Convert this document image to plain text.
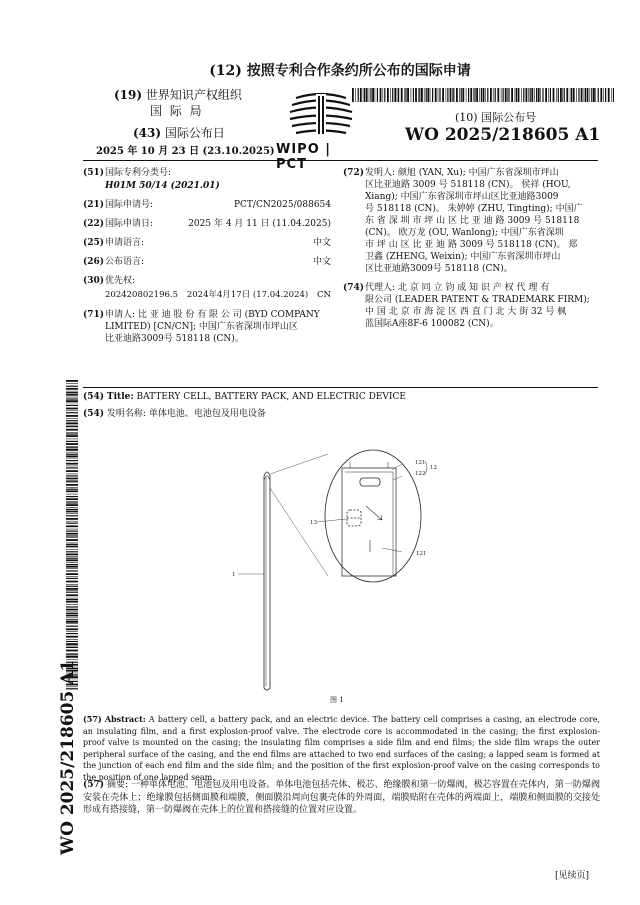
(12) 按照专利合作条约所公布的国际申请
(19) 世界知识产权组织
国 际 局
(43) 国际公布日
2025 年 10 月 23 日 (23.10.2025) WIPO | PCT
(10) 国际公布号
WO 2025/218605 A1
(51)国际专利分类号:
H01M 50/14 (2021.01)
(21)国际申请号:	PCT/CN2025/088654
(22)国际申请日:	2025 年 4 月 11 日 (11.04.2025)
(25)申请语言:	中文
(26)公布语言:	中文
(30)优先权:
202420802196.5 2024年4月17日 (17.04.2024) CN
(71) 申请人: 比 亚 迪 股 份 有 限 公 司 (BYD COMPANY
LIMITED) [CN/CN]; 中国广东省深圳市坪山区
比亚迪路3009号 518118 (CN)。
(72) 发明人: 颜旭 (YAN, Xu); 中国广东省深圳市坪山
区比亚迪路 3009 号 518118 (CN)。 侯祥 (HOU,
Xiang); 中国广东省深圳市坪山区比亚迪路3009
号 518118 (CN)。 朱婷婷 (ZHU, Tingting); 中国广
东 省 深 圳 市 坪 山 区 比 亚 迪 路 3009 号 518118
(CN)。 欧万龙 (OU, Wanlong); 中国广东省深圳
市 坪 山 区 比 亚 迪 路 3009 号 518118 (CN)。 郑
卫鑫 (ZHENG, Weixin); 中国广东省深圳市坪山
区比亚迪路3009号 518118 (CN)。
(74) 代理人: 北 京 同 立 钧 成 知 识 产 权 代 理 有
限公司 (LEADER PATENT & TRADEMARK FIRM);
中 国 北 京 市 海 淀 区 西 直 门 北 大 街 32 号 枫
蓝国际A座8F-6 100082 (CN)。
(54) Title: BATTERY CELL, BATTERY PACK, AND ELECTRIC DEVICE
(54) 发明名称: 单体电池、电池包及用电设备
WO 2025/218605 A1
121
12
122
13
121
1
图 1
(57) Abstract: A battery cell, a battery pack, and an electric device. The battery cell comprises a casing, an electrode core, an insulating film, and a first explosion-proof valve. The electrode core is accommodated in the casing; the first explosion-proof valve is mounted on the casing; the insulating film comprises a side film and end films; the side film wraps the outer peripheral surface of the casing, and the end films are attached to two end surfaces of the casing; a lapped seam is formed at the junction of each end film and the side film; and the position of the first explosion-proof valve on the casing corresponds to the position of one lapped seam.
(57) 摘要: 一种单体电池、电池包及用电设备。单体电池包括壳体、极芯、绝缘膜和第一防爆阀，极芯容置在壳体内，第一防爆阀安装在壳体上；绝缘膜包括侧面膜和端膜，侧面膜沿周向包裹壳体的外周面，端膜贴附在壳体的两端面上，端膜和侧面膜的交接处形成有搭接缝，第一防爆阀在壳体上的位置和搭接缝的位置对应设置。
[见续页]
